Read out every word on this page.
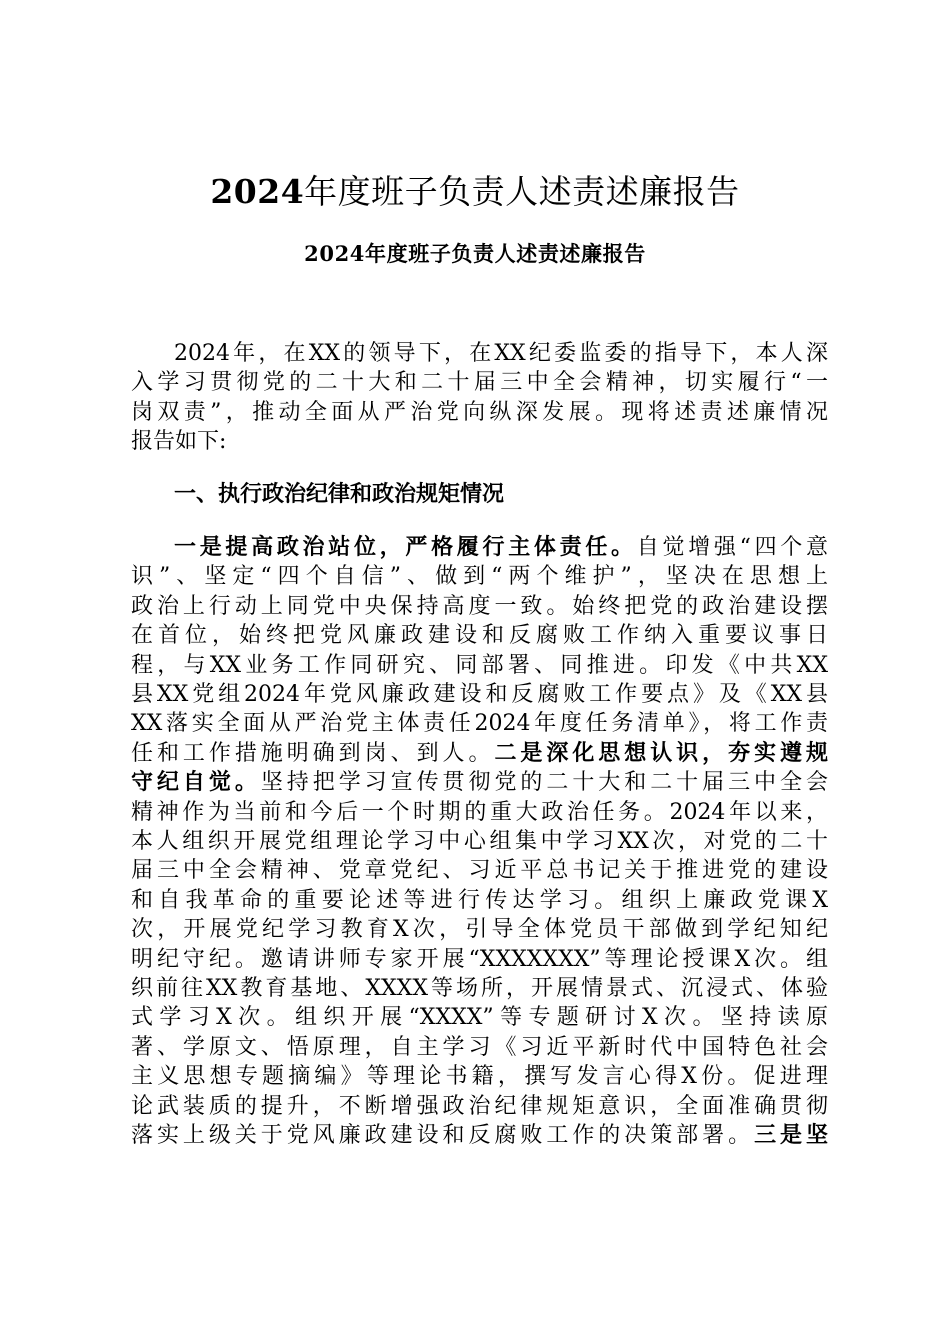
2024年度班子负责人述责述廉报告
2024年度班子负责人述责述廉报告
2024年，在XX的领导下，在XX纪委监委的指导下，本人深
入学习贯彻党的二十大和二十届三中全会精神，切实履行“一
岗双责”，推动全面从严治党向纵深发展。现将述责述廉情况
报告如下:
一、执行政治纪律和政治规矩情况
一是提高政治站位，严格履行主体责任。自觉增强“四个意
识”、坚定“四个自信”、做到“两个维护”，坚决在思想上
政治上行动上同党中央保持高度一致。始终把党的政治建设摆
在首位，始终把党风廉政建设和反腐败工作纳入重要议事日
程，与XX业务工作同研究、同部署、同推进。印发《中共XX
县XX党组2024年党风廉政建设和反腐败工作要点》及《XX县
XX落实全面从严治党主体责任2024年度任务清单》，将工作责
任和工作措施明确到岗、到人。二是深化思想认识，夯实遵规
守纪自觉。坚持把学习宣传贯彻党的二十大和二十届三中全会
精神作为当前和今后一个时期的重大政治任务。2024年以来，
本人组织开展党组理论学习中心组集中学习XX次，对党的二十
届三中全会精神、党章党纪、习近平总书记关于推进党的建设
和自我革命的重要论述等进行传达学习。组织上廉政党课X
次，开展党纪学习教育X次，引导全体党员干部做到学纪知纪
明纪守纪。邀请讲师专家开展“XXXXXXX”等理论授课X次。组
织前往XX教育基地、XXXX等场所，开展情景式、沉浸式、体验
式学习X次。组织开展“XXXX”等专题研讨X次。坚持读原
著、学原文、悟原理，自主学习《习近平新时代中国特色社会
主义思想专题摘编》等理论书籍，撰写发言心得X份。促进理
论武装质的提升，不断增强政治纪律规矩意识，全面准确贯彻
落实上级关于党风廉政建设和反腐败工作的决策部署。三是坚
